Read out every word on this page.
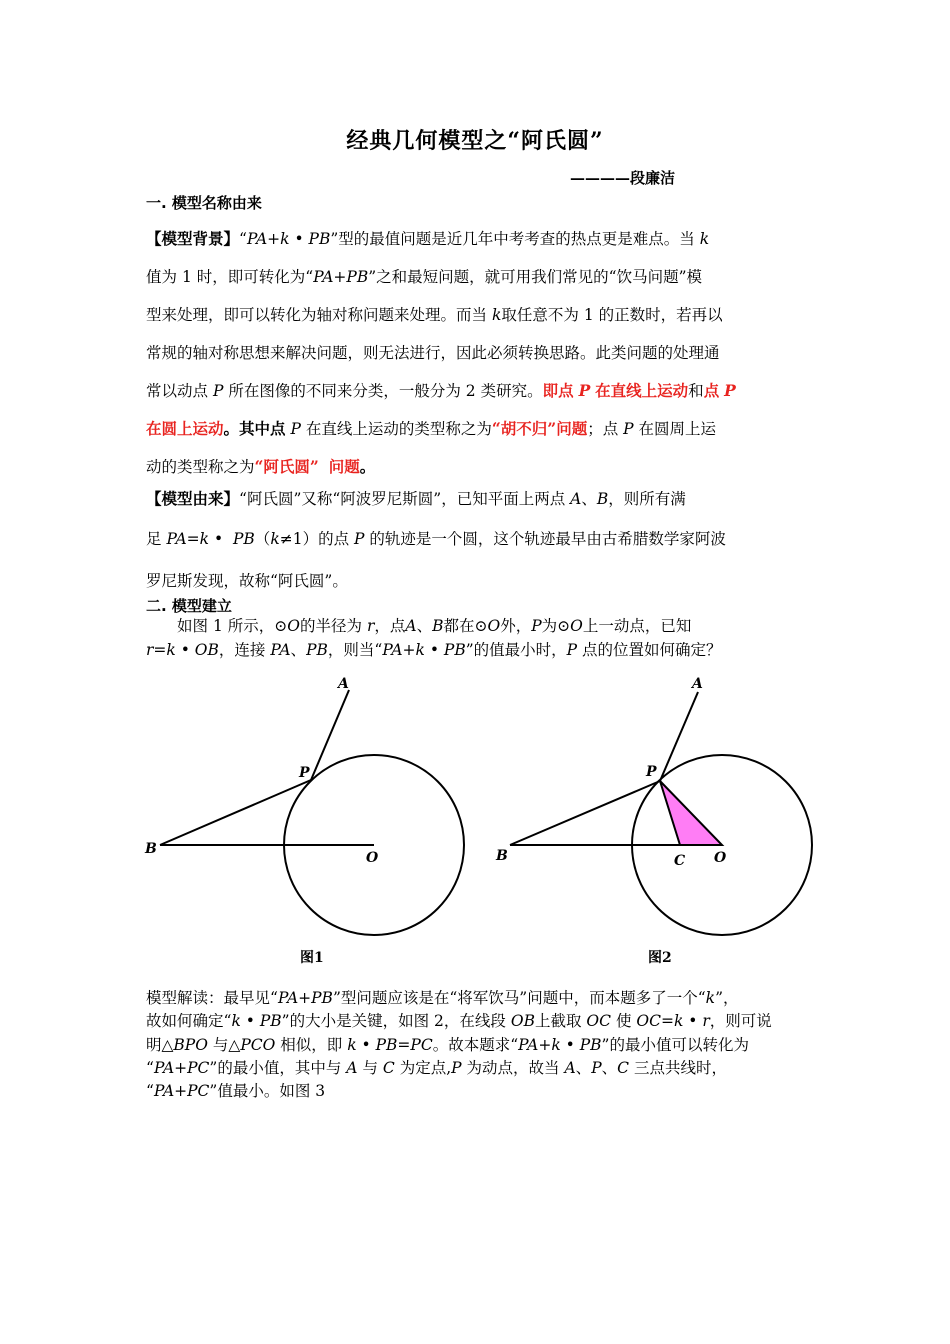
经典几何模型之“阿氏圆”
————段廉洁
一. 模型名称由来
【模型背景】“PA+k • PB”型的最值问题是近几年中考考查的热点更是难点。当 k
值为 1 时，即可转化为“PA+PB”之和最短问题，就可用我们常见的“饮马问题”模
型来处理，即可以转化为轴对称问题来处理。而当 k取任意不为 1 的正数时，若再以
常规的轴对称思想来解决问题，则无法进行，因此必须转换思路。此类问题的处理通
常以动点 P 所在图像的不同来分类，一般分为 2 类研究。即点 P 在直线上运动和点 P
在圆上运动。其中点 P 在直线上运动的类型称之为“胡不归”问题；点 P 在圆周上运
动的类型称之为“阿氏圆” 问题。
【模型由来】“阿氏圆”又称“阿波罗尼斯圆”，已知平面上两点 A、B，则所有满
足 PA=k • PB（k≠1）的点 P 的轨迹是一个圆，这个轨迹最早由古希腊数学家阿波
罗尼斯发现，故称“阿氏圆”。
二. 模型建立
如图 1 所示，⊙O的半径为 r，点A、B都在⊙O外，P为⊙O上一动点，已知
r=k • OB，连接 PA、PB，则当“PA+k • PB”的值最小时，P 点的位置如何确定？
A
P
B
O
图1
A
P
B	C O
图2
模型解读：最早见“PA+PB”型问题应该是在“将军饮马”问题中，而本题多了一个“k”，
故如何确定“k • PB”的大小是关键，如图 2，在线段 OB上截取 OC 使 OC=k • r，则可说
明△BPO 与△PCO 相似，即 k • PB=PC。故本题求“PA+k • PB”的最小值可以转化为
“PA+PC”的最小值，其中与 A 与 C 为定点,P 为动点，故当 A、P、C 三点共线时，
“PA+PC”值最小。如图 3
